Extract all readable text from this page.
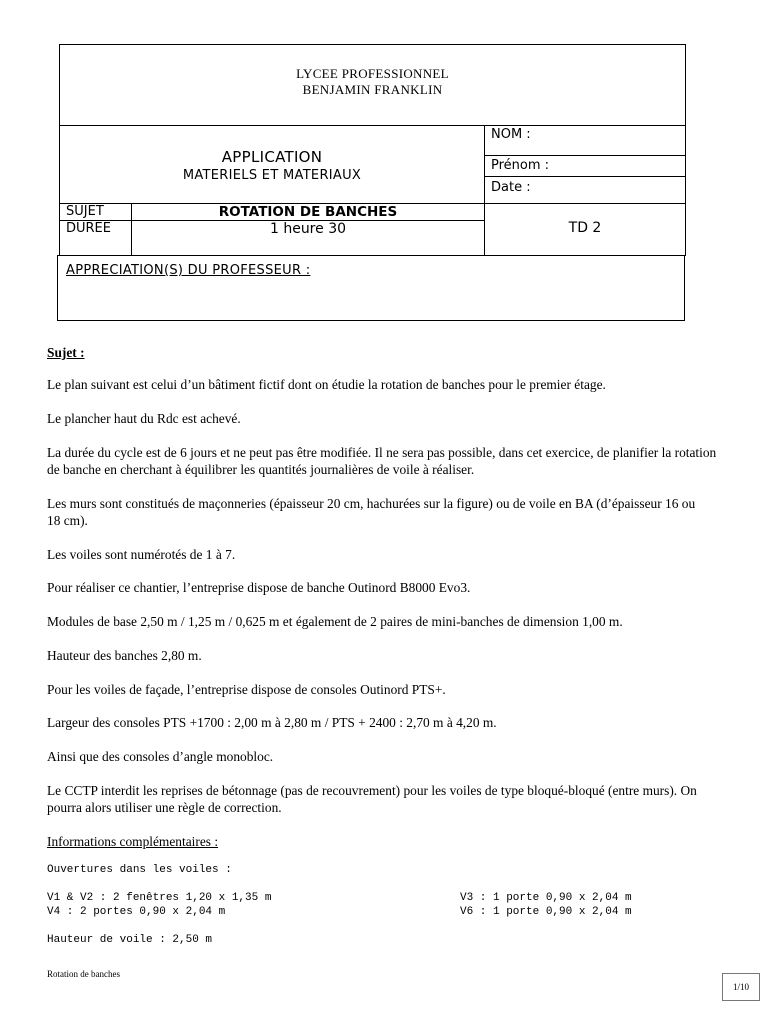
LYCEE PROFESSIONNEL
BENJAMIN FRANKLIN
APPLICATION
MATERIELS ET MATERIAUX
NOM :
Prénom :
Date :
SUJET	ROTATION DE BANCHES
DUREE	1 heure 30	TD 2
APPRECIATION(S) DU PROFESSEUR :
Sujet :
Le plan suivant est celui d’un bâtiment fictif dont on étudie la rotation de banches pour le premier étage.
Le plancher haut du Rdc est achevé.
La durée du cycle est de 6 jours et ne peut pas être modifiée. Il ne sera pas possible, dans cet exercice, de planifier la rotation de banche en cherchant à équilibrer les quantités journalières de voile à réaliser.
Les murs sont constitués de maçonneries (épaisseur 20 cm, hachurées sur la figure) ou de voile en BA (d’épaisseur 16 ou 18 cm).
Les voiles sont numérotés de 1 à 7.
Pour réaliser ce chantier, l’entreprise dispose de banche Outinord B8000 Evo3.
Modules de base 2,50 m / 1,25 m / 0,625 m et également de 2 paires de mini-banches de dimension 1,00 m.
Hauteur des banches 2,80 m.
Pour les voiles de façade, l’entreprise dispose de consoles Outinord PTS+.
Largeur des consoles PTS +1700 : 2,00 m à 2,80 m / PTS + 2400 : 2,70 m à 4,20 m.
Ainsi que des consoles d’angle monobloc.
Le CCTP interdit les reprises de bétonnage (pas de recouvrement) pour les voiles de type bloqué-bloqué (entre murs). On pourra alors utiliser une règle de correction.
Informations complémentaires :
Ouvertures dans les voiles :
V1 & V2 : 2 fenêtres 1,20 x 1,35 m	V3 : 1 porte 0,90 x 2,04 m
V4 : 2 portes 0,90 x 2,04 m	V6 : 1 porte 0,90 x 2,04 m
Hauteur de voile : 2,50 m
Rotation de banches
1/10
